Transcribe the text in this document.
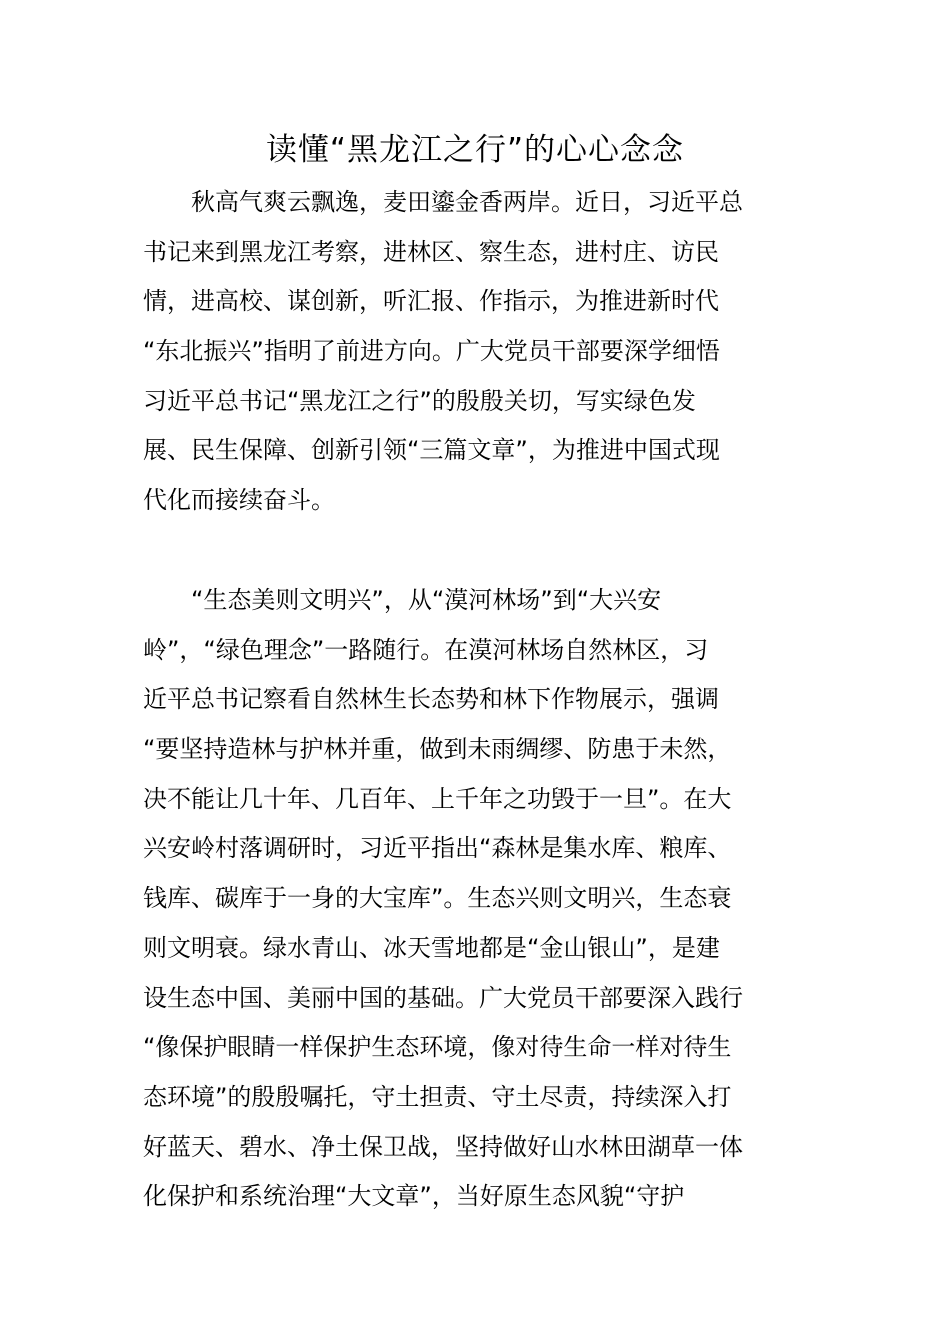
读懂“黑龙江之行”的心心念念
　　秋高气爽云飘逸，麦田鎏金香两岸。近日，习近平总
书记来到黑龙江考察，进林区、察生态，进村庄、访民
情，进高校、谋创新，听汇报、作指示，为推进新时代
“东北振兴”指明了前进方向。广大党员干部要深学细悟
习近平总书记“黑龙江之行”的殷殷关切，写实绿色发
展、民生保障、创新引领“三篇文章”，为推进中国式现
代化而接续奋斗。
　　“生态美则文明兴”，从“漠河林场”到“大兴安
岭”，“绿色理念”一路随行。在漠河林场自然林区，习
近平总书记察看自然林生长态势和林下作物展示，强调
“要坚持造林与护林并重，做到未雨绸缪、防患于未然，
决不能让几十年、几百年、上千年之功毁于一旦”。在大
兴安岭村落调研时，习近平指出“森林是集水库、粮库、
钱库、碳库于一身的大宝库”。生态兴则文明兴，生态衰
则文明衰。绿水青山、冰天雪地都是“金山银山”，是建
设生态中国、美丽中国的基础。广大党员干部要深入践行
“像保护眼睛一样保护生态环境，像对待生命一样对待生
态环境”的殷殷嘱托，守土担责、守土尽责，持续深入打
好蓝天、碧水、净土保卫战，坚持做好山水林田湖草一体
化保护和系统治理“大文章”，当好原生态风貌“守护
